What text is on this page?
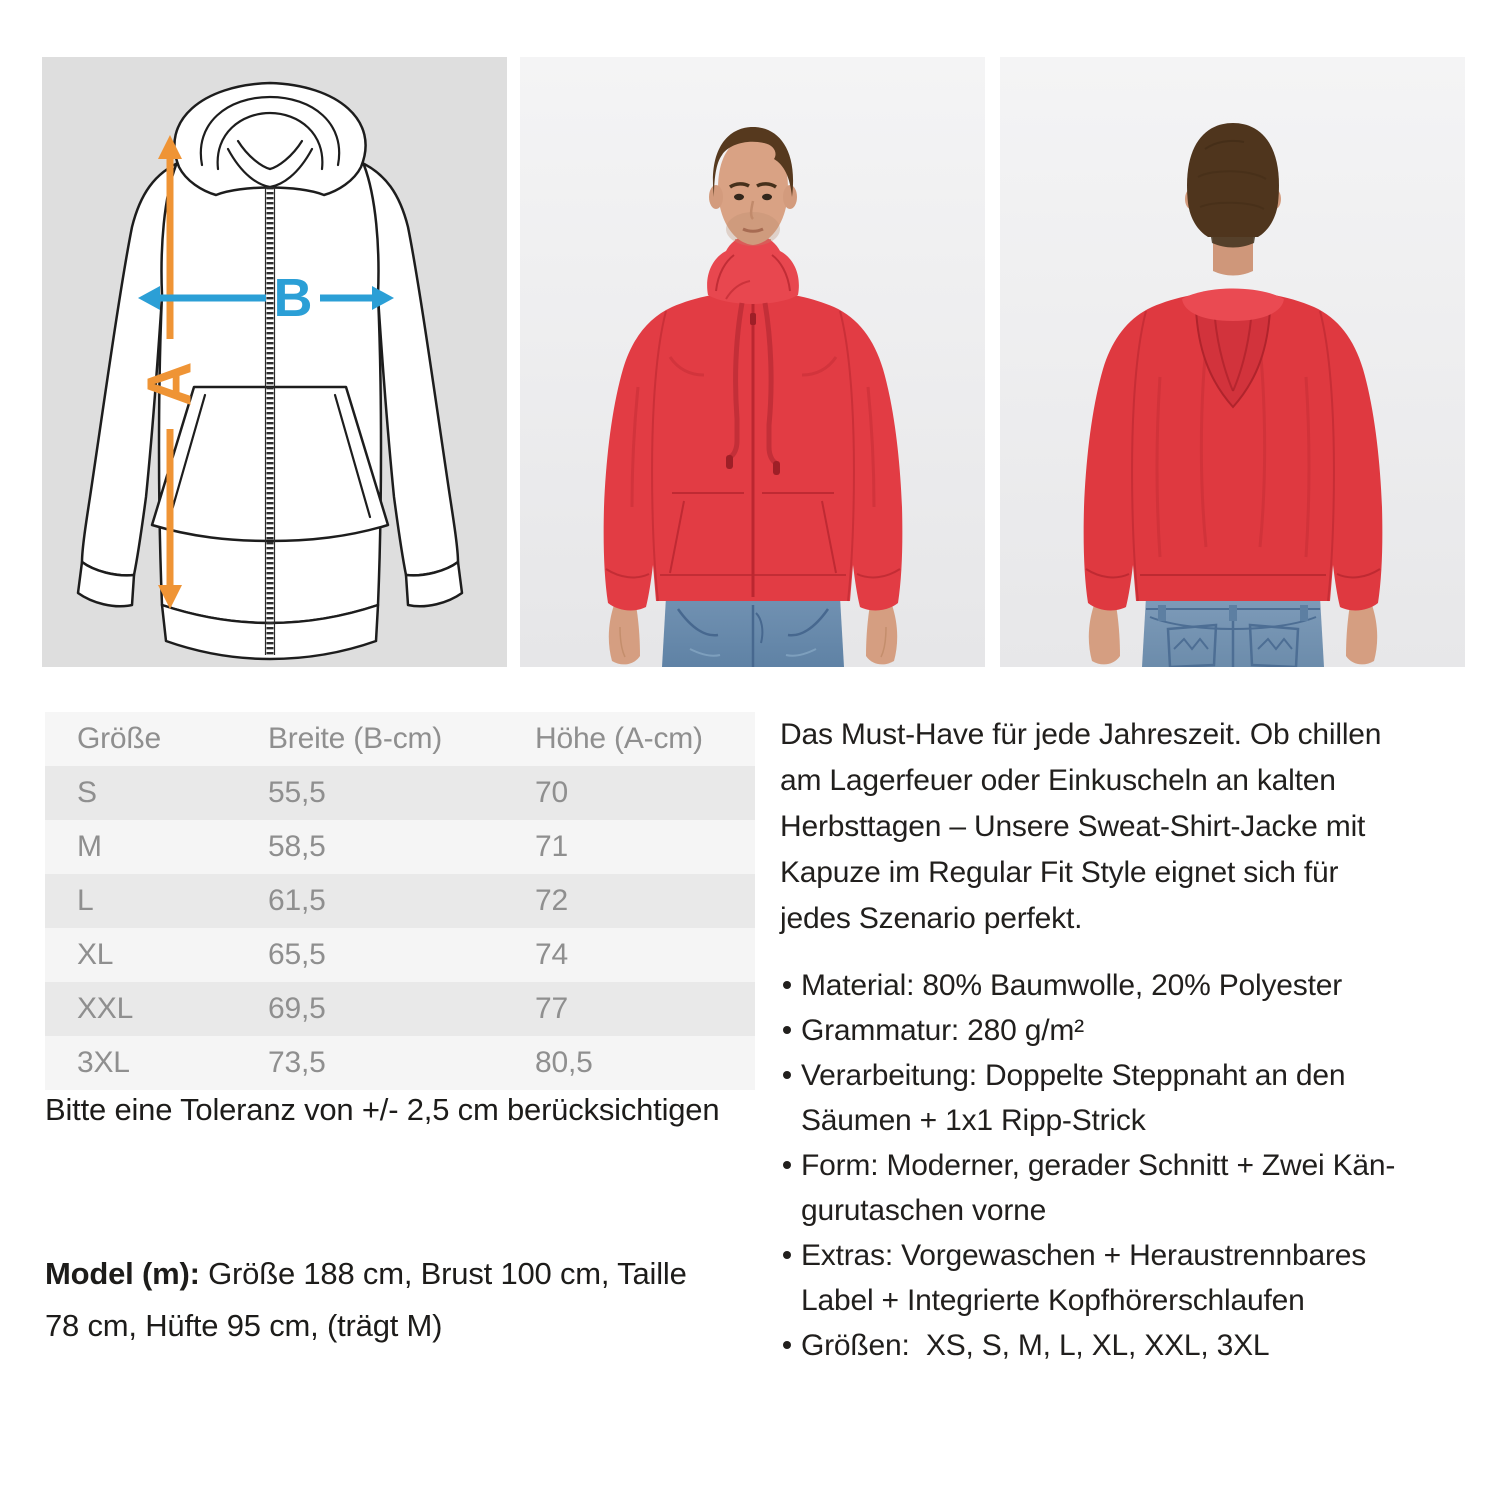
A
B
Größe	Breite (B-cm)	Höhe (A-cm)
S	55,5	70
M	58,5	71
L	61,5	72
XL	65,5	74
XXL	69,5	77
3XL	73,5	80,5

Bitte eine Toleranz von +/- 2,5 cm berücksichtigen

Model (m): Größe 188 cm, Brust 100 cm, Taille
78 cm, Hüfte 95 cm, (trägt M)

Das Must-Have für jede Jahreszeit. Ob chillen
am Lagerfeuer oder Einkuscheln an kalten
Herbsttagen – Unsere Sweat-Shirt-Jacke mit
Kapuze im Regular Fit Style eignet sich für
jedes Szenario perfekt.
Material: 80% Baumwolle, 20% Polyester
Grammatur: 280 g/m²
Verarbeitung: Doppelte Steppnaht an den
Säumen + 1x1 Ripp-Strick
Form: Moderner, gerader Schnitt + Zwei Kän-
gurutaschen vorne
Extras: Vorgewaschen + Heraustrennbares
Label + Integrierte Kopfhörerschlaufen
Größen:  XS, S, M, L, XL, XXL, 3XL
